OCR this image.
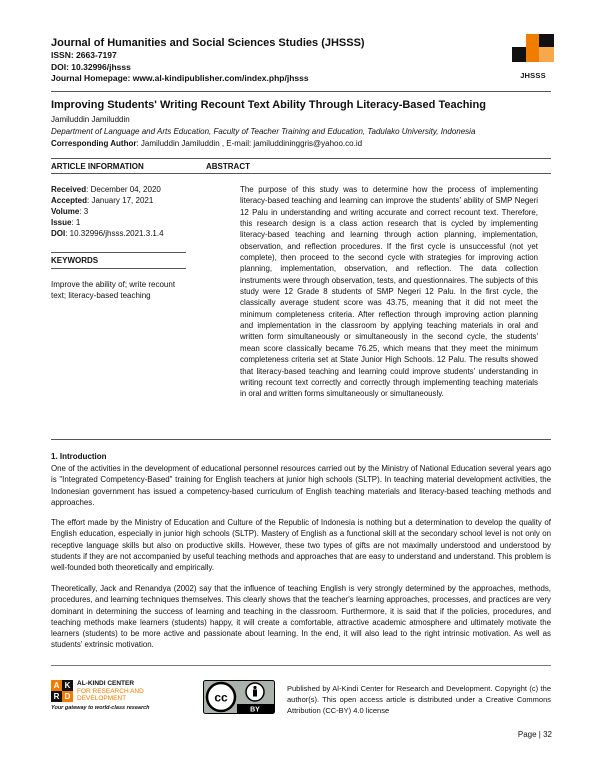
Journal of Humanities and Social Sciences Studies (JHSSS)
ISSN: 2663-7197
DOI: 10.32996/jhsss
Journal Homepage: www.al-kindipublisher.com/index.php/jhsss	JHSSS
Improving Students' Writing Recount Text Ability Through Literacy-Based Teaching
Jamiluddin Jamiluddin
Department of Language and Arts Education, Faculty of Teacher Training and Education, Tadulako University, Indonesia
Corresponding Author: Jamiluddin Jamiluddin , E-mail: jamiluddininggris@yahoo.co.id
ARTICLE INFORMATION	ABSTRACT
Received: December 04, 2020
Accepted: January 17, 2021
Volume: 3
Issue: 1
DOI: 10.32996/jhsss.2021.3.1.4
KEYWORDS
Improve the ability of; write recount text; literacy-based teaching
The purpose of this study was to determine how the process of implementing literacy-based teaching and learning can improve the students' ability of SMP Negeri 12 Palu in understanding and writing accurate and correct recount text. Therefore, this research design is a class action research that is cycled by implementing literacy-based teaching and learning through action planning, implementation, observation, and reflection procedures. If the first cycle is unsuccessful (not yet complete), then proceed to the second cycle with strategies for improving action planning, implementation, observation, and reflection. The data collection instruments were through observation, tests, and questionnaires. The subjects of this study were 12 Grade 8 students of SMP Negeri 12 Palu. In the first cycle, the classically average student score was 43.75, meaning that it did not meet the minimum completeness criteria. After reflection through improving action planning and implementation in the classroom by applying teaching materials in oral and written form simultaneously or simultaneously in the second cycle, the students' mean score classically became 76.25, which means that they meet the minimum completeness criteria set at State Junior High Schools. 12 Palu. The results showed that literacy-based teaching and learning could improve students' understanding in writing recount text correctly and correctly through implementing teaching materials in oral and written forms simultaneously or simultaneously.
1. Introduction
One of the activities in the development of educational personnel resources carried out by the Ministry of National Education several years ago is "Integrated Competency-Based" training for English teachers at junior high schools (SLTP). In teaching material development activities, the Indonesian government has issued a competency-based curriculum of English teaching materials and literacy-based teaching methods and approaches.
The effort made by the Ministry of Education and Culture of the Republic of Indonesia is nothing but a determination to develop the quality of English education, especially in junior high schools (SLTP). Mastery of English as a functional skill at the secondary school level is not only on receptive language skills but also on productive skills. However, these two types of gifts are not maximally understood and understood by students if they are not accompanied by useful teaching methods and approaches that are easy to understand and understand. This problem is well-founded both theoretically and empirically.
Theoretically, Jack and Renandya (2002) say that the influence of teaching English is very strongly determined by the approaches, methods, procedures, and learning techniques themselves. This clearly shows that the teacher's learning approaches, processes, and practices are very dominant in determining the success of learning and teaching in the classroom. Furthermore, it is said that if the policies, procedures, and teaching methods make learners (students) happy, it will create a comfortable, attractive academic atmosphere and ultimately motivate the learners (students) to be more active and passionate about learning. In the end, it will also lead to the right intrinsic motivation. As well as students' extrinsic motivation.
A K
R D
AL-KINDI CENTER
FOR RESEARCH AND
DEVELOPMENT
Your gateway to world-class research
cc
BY
Published by Al-Kindi Center for Research and Development. Copyright (c) the author(s). This open access article is distributed under a Creative Commons Attribution (CC-BY) 4.0 license
Page | 32
